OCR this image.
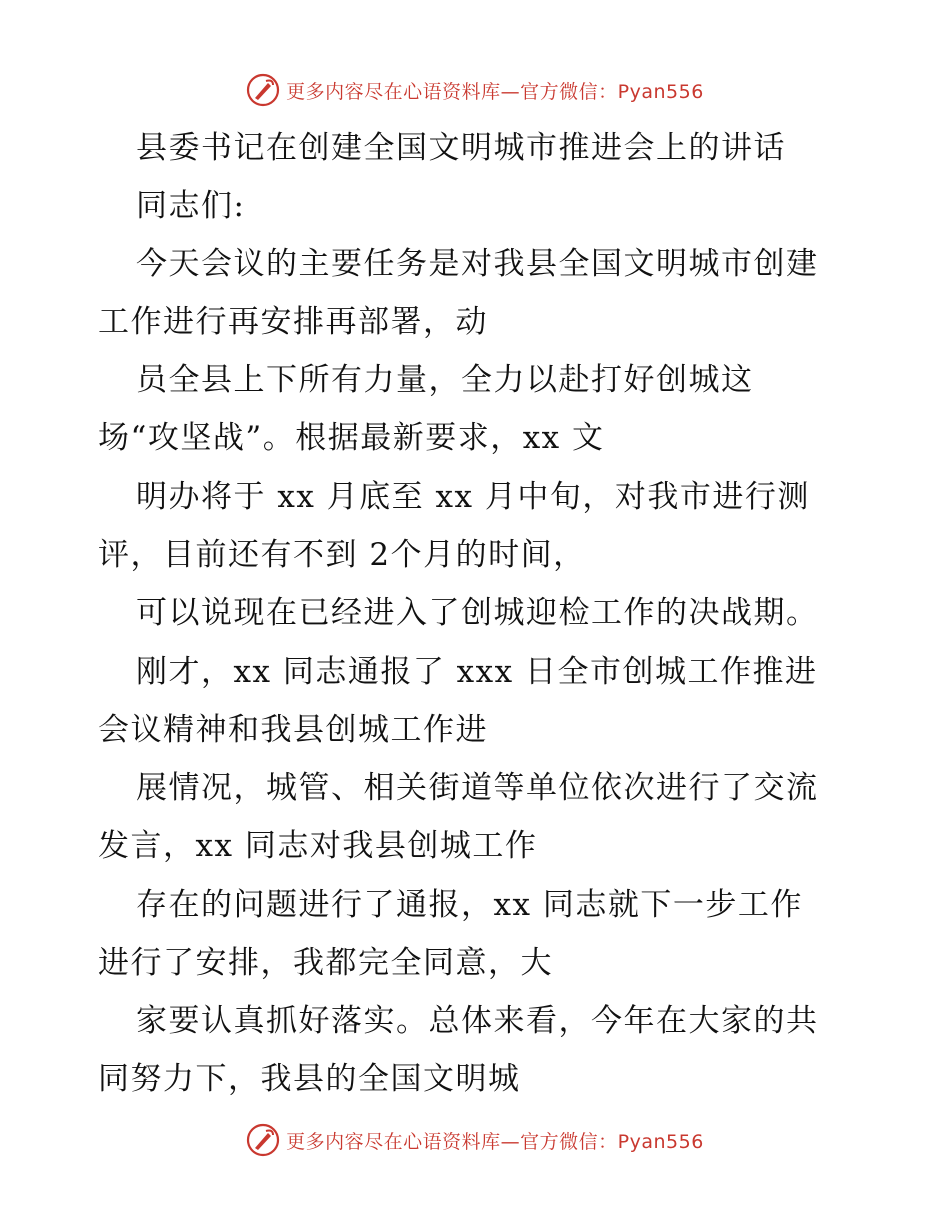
更多内容尽在心语资料库—官方微信：Pyan556
县委书记在创建全国文明城市推进会上的讲话
同志们:
今天会议的主要任务是对我县全国文明城市创建
工作进行再安排再部署，动
员全县上下所有力量，全力以赴打好创城这
场“攻坚战”。根据最新要求，xx 文
明办将于 xx 月底至 xx 月中旬，对我市进行测
评，目前还有不到 2个月的时间，
可以说现在已经进入了创城迎检工作的决战期。
刚才，xx 同志通报了 xxx 日全市创城工作推进
会议精神和我县创城工作进
展情况，城管、相关街道等单位依次进行了交流
发言，xx 同志对我县创城工作
存在的问题进行了通报，xx 同志就下一步工作
进行了安排，我都完全同意，大
家要认真抓好落实。总体来看，今年在大家的共
同努力下，我县的全国文明城
更多内容尽在心语资料库—官方微信：Pyan556
